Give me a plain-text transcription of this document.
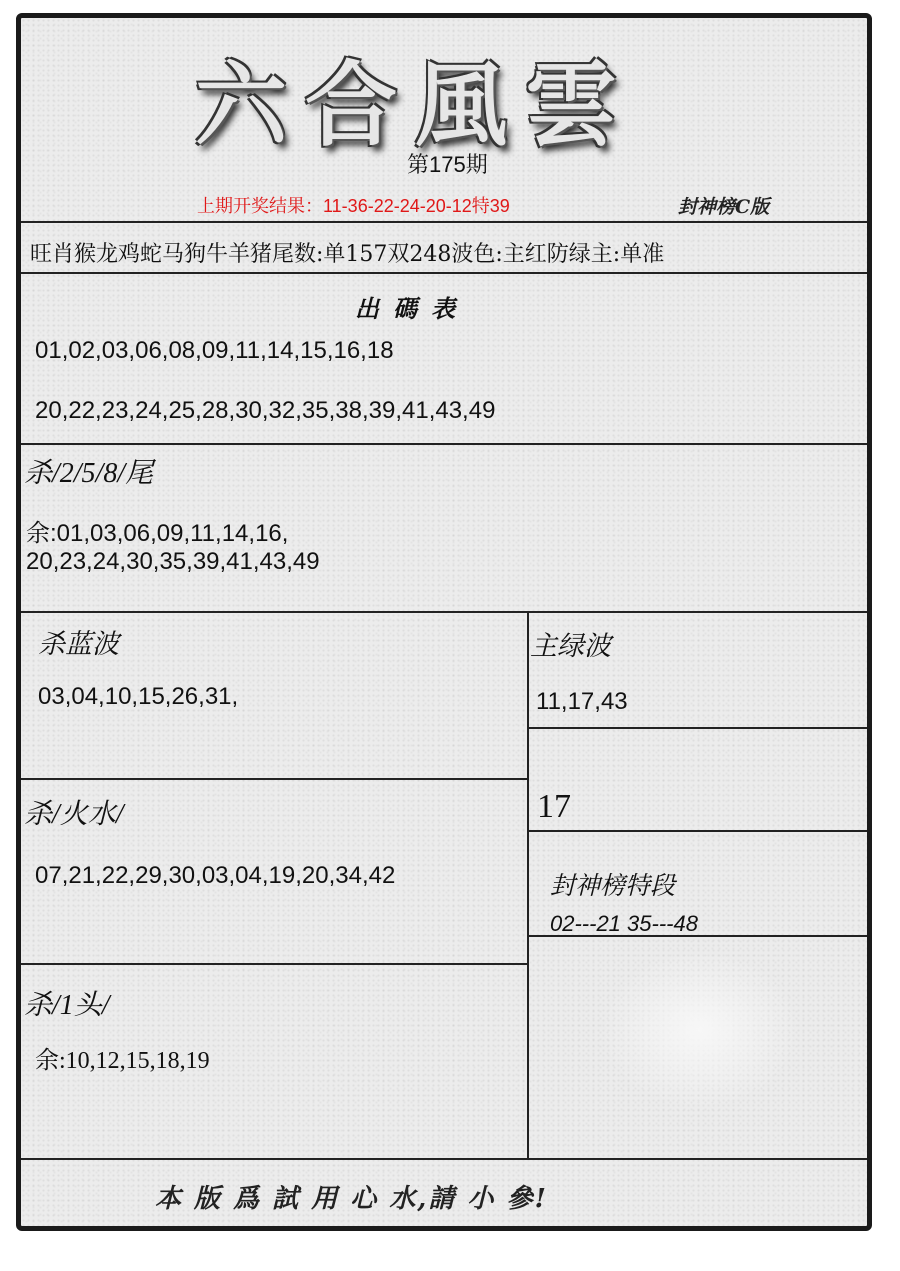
六合風雲
第175期
上期开奖结果：11-36-22-24-20-12特39	封神榜C版
旺肖猴龙鸡蛇马狗牛羊猪尾数:单157双248波色:主红防绿主:单准
出碼表
01,02,03,06,08,09,11,14,15,16,18
20,22,23,24,25,28,30,32,35,38,39,41,43,49
杀/2/5/8/尾
余:01,03,06,09,11,14,16,
20,23,24,30,35,39,41,43,49
杀蓝波
03,04,10,15,26,31,
主绿波
11,17,43
17
杀/火水/
07,21,22,29,30,03,04,19,20,34,42	封神榜特段
02---21 35---48
杀/1头/
余:10,12,15,18,19
本 版 爲 試 用 心 水,請 小 參!
